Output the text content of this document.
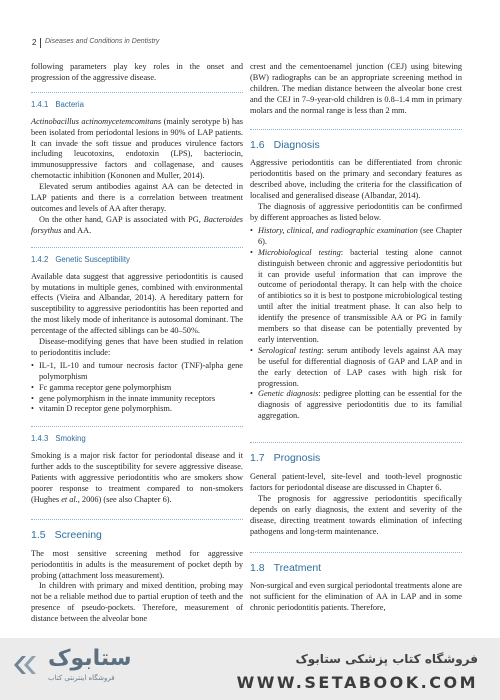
2 Diseases and Conditions in Dentistry

following parameters play key roles in the onset and progression of the aggressive disease.

1.4.1 Bacteria

Actinobacillus actinomycetemcomitans (mainly serotype b) has been isolated from periodontal lesions in 90% of LAP patients. It can invade the soft tissue and produces virulence factors including leucotoxins, endotoxin (LPS), bacteriocin, immunosuppressive factors and collagenase, and causes chemotactic inhibition (Kononen and Muller, 2014).

Elevated serum antibodies against AA can be detected in LAP patients and there is a correlation between treatment outcomes and levels of AA after therapy.

On the other hand, GAP is associated with PG, Bacteroides forsythus and AA.

1.4.2 Genetic Susceptibility

Available data suggest that aggressive periodontitis is caused by mutations in multiple genes, combined with environmental effects (Vieira and Albandar, 2014). A hereditary pattern for susceptibility to aggressive periodontitis has been reported and the most likely mode of inheritance is autosomal dominant. The percentage of the affected siblings can be 40–50%.

Disease-modifying genes that have been studied in relation to periodontitis include:

• IL-1, IL-10 and tumour necrosis factor (TNF)-alpha gene polymorphism
• Fc gamma receptor gene polymorphism
• gene polymorphism in the innate immunity receptors
• vitamin D receptor gene polymorphism.
1.4.3 Smoking

Smoking is a major risk factor for periodontal disease and it further adds to the susceptibility for severe aggressive disease. Patients with aggressive periodontitis who are smokers show poorer response to treatment compared to non-smokers (Hughes et al., 2006) (see also Chapter 6).

1.5 Screening

The most sensitive screening method for aggressive periodontitis in adults is the measurement of pocket depth by probing (attachment loss measurement).

In children with primary and mixed dentition, probing may not be a reliable method due to partial eruption of teeth and the presence of pseudo-pockets. Therefore, measurement of distance between the alveolar bone

crest and the cementoenamel junction (CEJ) using bitewing (BW) radiographs can be an appropriate screening method in children. The median distance between the alveolar bone crest and the CEJ in 7–9-year-old children is 0.8–1.4 mm in primary molars and the normal range is less than 2 mm.

1.6 Diagnosis

Aggressive periodontitis can be differentiated from chronic periodontitis based on the primary and secondary features as described above, including the criteria for the classification of localised and generalised disease (Albandar, 2014).

The diagnosis of aggressive periodontitis can be confirmed by different approaches as listed below.

• History, clinical, and radiographic examination (see Chapter 6).
• Microbiological testing: bacterial testing alone cannot distinguish between chronic and aggressive periodontitis but it can provide useful information that can improve the outcome of periodontal therapy. It can help with the choice of antibiotics so it is best to postpone microbiological testing until after the initial treatment phase. It can also help to identify the presence of transmissible AA or PG in family members so that disease can be potentially prevented by early intervention.
• Serological testing: serum antibody levels against AA may be useful for differential diagnosis of GAP and LAP and in the early detection of LAP cases with high risk for progression.
• Genetic diagnosis: pedigree plotting can be essential for the diagnosis of aggressive periodontitis due to its familial aggregation.
1.7 Prognosis

General patient-level, site-level and tooth-level prognostic factors for periodontal disease are discussed in Chapter 6.

The prognosis for aggressive periodontitis specifically depends on early diagnosis, the extent and severity of the disease, directing treatment towards elimination of infecting pathogens and long-term maintenance.

1.8 Treatment

Non-surgical and even surgical periodontal treatments alone are not sufficient for the elimination of AA in LAP and in some chronic periodontitis patients. Therefore,

ستابوک
فروشگاه اینترنتی کتاب
فروشگاه کتاب پزشکی ستابوک
WWW.SETABOOK.COM
